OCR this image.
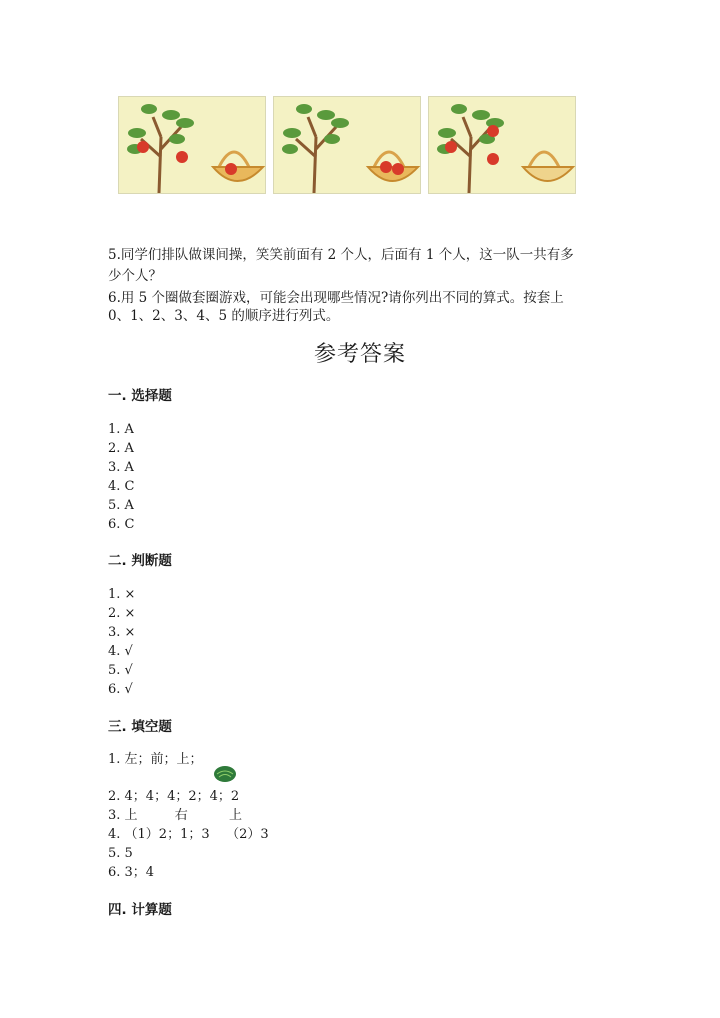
5.同学们排队做课间操，笑笑前面有 2 个人，后面有 1 个人，这一队一共有多
少个人？
6.用 5 个圈做套圈游戏，可能会出现哪些情况?请你列出不同的算式。按套上
0、1、2、3、4、5 的顺序进行列式。
参考答案
一. 选择题
1. A
2. A
3. A
4. C
5. A
6. C
二. 判断题
1. ×
2. ×
3. ×
4. √
5. √
6. √
三. 填空题
1. 左；前；上；
2. 4；4；4；2；4；2
3. 上         右          上
4. （1）2；1；3    （2）3
5. 5
6. 3；4
四. 计算题
